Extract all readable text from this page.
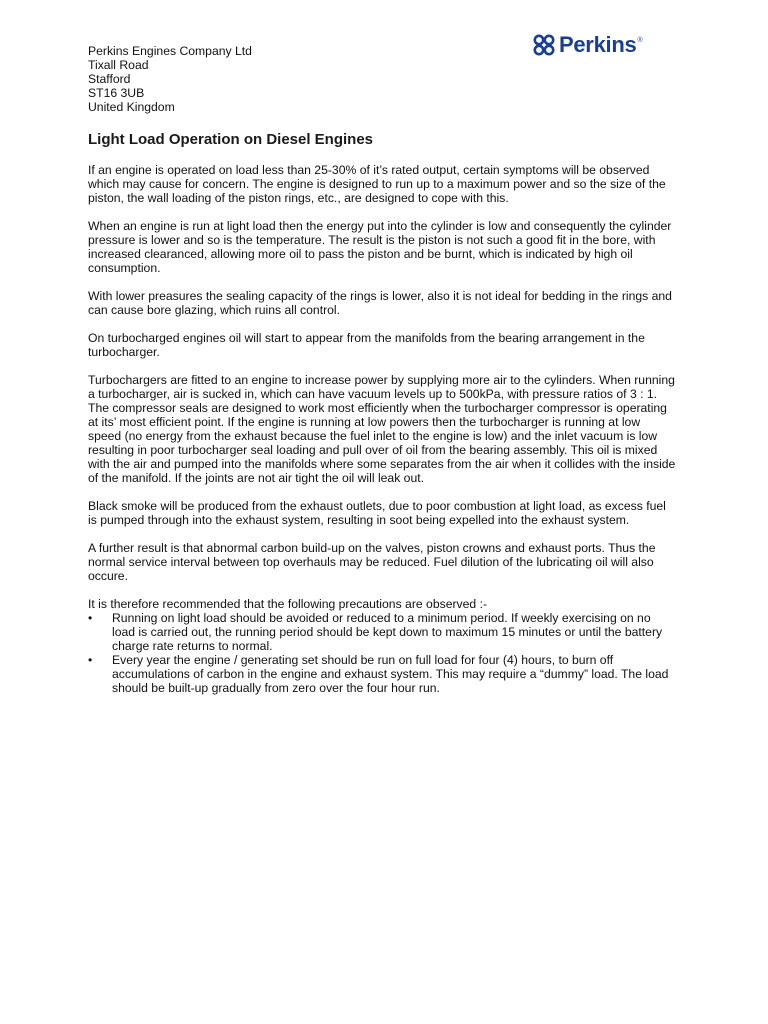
Perkins Engines Company Ltd
Tixall Road
Stafford
ST16 3UB
United Kingdom
Perkins ®
Light Load Operation on Diesel Engines

If an engine is operated on load less than 25-30% of it’s rated output, certain symptoms will be observed which may cause for concern. The engine is designed to run up to a maximum power and so the size of the piston, the wall loading of the piston rings, etc., are designed to cope with this.

When an engine is run at light load then the energy put into the cylinder is low and consequently the cylinder pressure is lower and so is the temperature. The result is the piston is not such a good fit in the bore, with increased clearanced, allowing more oil to pass the piston and be burnt, which is indicated by high oil consumption.

With lower preasures the sealing capacity of the rings is lower, also it is not ideal for bedding in the rings and can cause bore glazing, which ruins all control.

On turbocharged engines oil will start to appear from the manifolds from the bearing arrangement in the turbocharger.

Turbochargers are fitted to an engine to increase power by supplying more air to the cylinders. When running a turbocharger, air is sucked in, which can have vacuum levels up to 500kPa, with pressure ratios of 3 : 1. The compressor seals are designed to work most efficiently when the turbocharger compressor is operating at its’ most efficient point. If the engine is running at low powers then the turbocharger is running at low speed (no energy from the exhaust because the fuel inlet to the engine is low) and the inlet vacuum is low resulting in poor turbocharger seal loading and pull over of oil from the bearing assembly. This oil is mixed with the air and pumped into the manifolds where some separates from the air when it collides with the inside of the manifold. If the joints are not air tight the oil will leak out.

Black smoke will be produced from the exhaust outlets, due to poor combustion at light load, as excess fuel is pumped through into the exhaust system, resulting in soot being expelled into the exhaust system.

A further result is that abnormal carbon build-up on the valves, piston crowns and exhaust ports. Thus the normal service interval between top overhauls may be reduced. Fuel dilution of the lubricating oil will also occure.

It is therefore recommended that the following precautions are observed :-

• Running on light load should be avoided or reduced to a minimum period. If weekly exercising on no load is carried out, the running period should be kept down to maximum 15 minutes or until the battery charge rate returns to normal.
• Every year the engine / generating set should be run on full load for four (4) hours, to burn off accumulations of carbon in the engine and exhaust system. This may require a “dummy” load. The load should be built-up gradually from zero over the four hour run.
